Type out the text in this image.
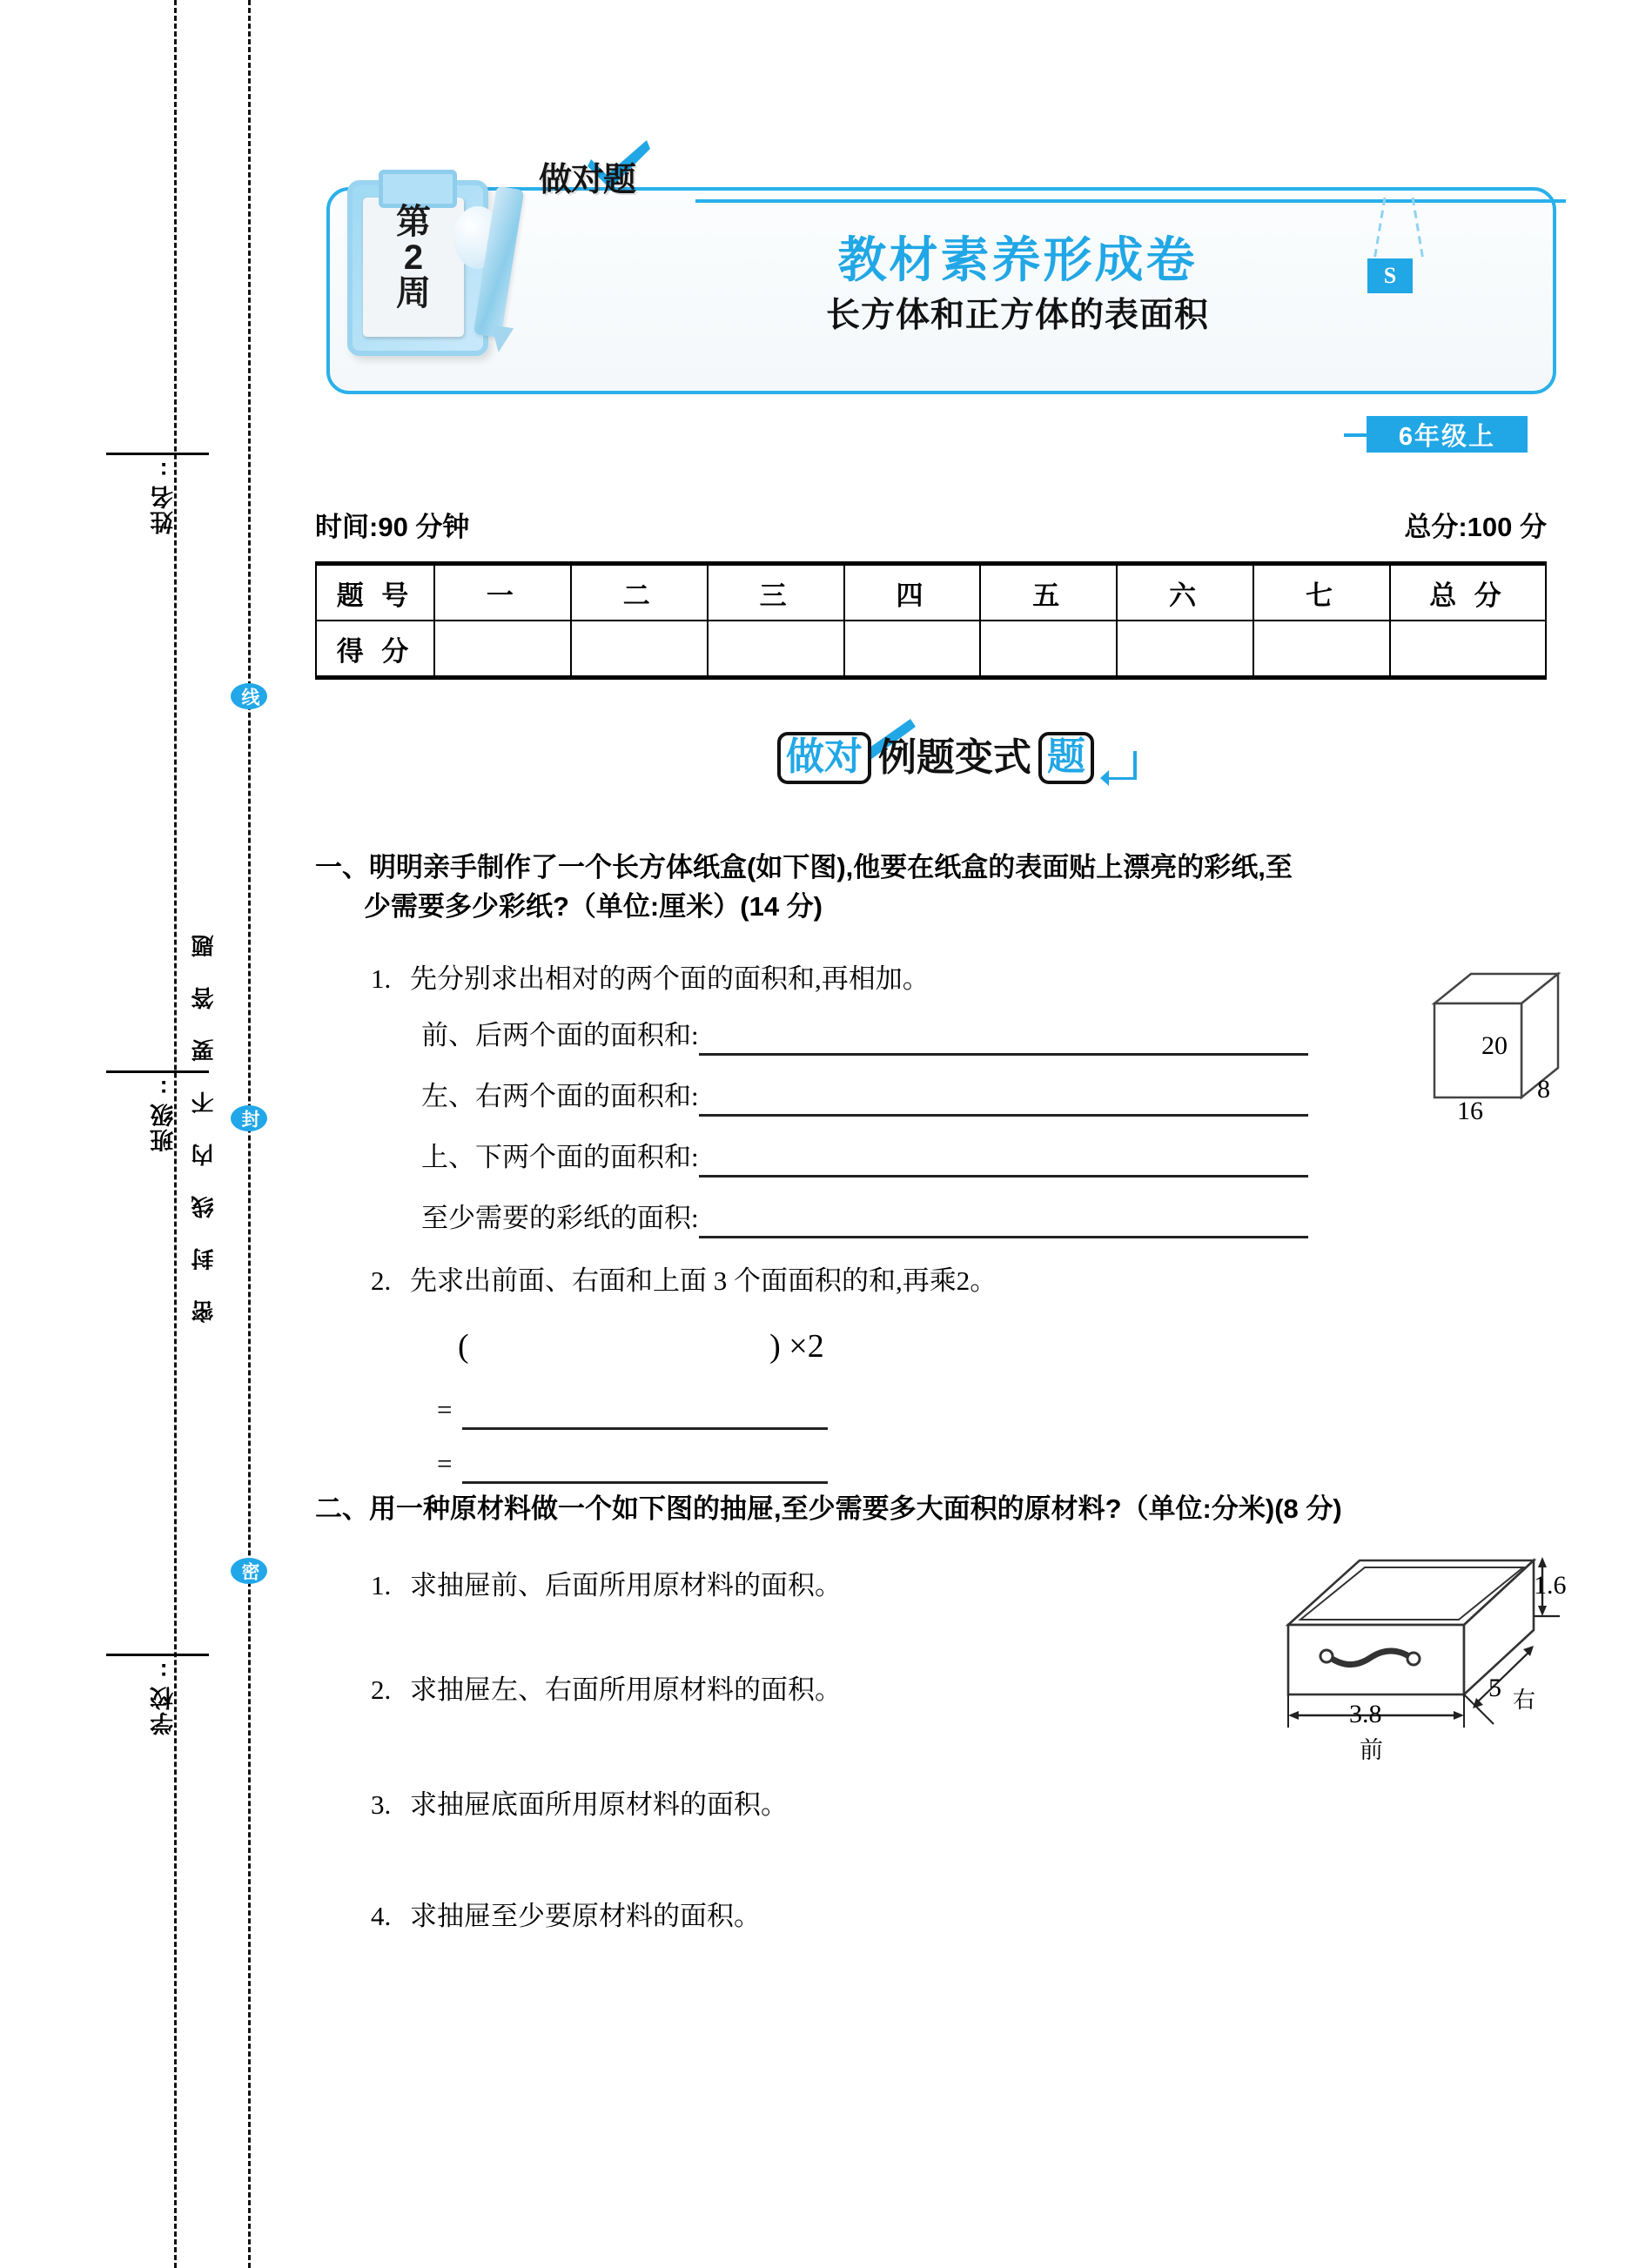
姓名:
班级:
学校:
密封线内不要答题
线
封
密
第
2
周
做对题
教材素养形成卷
长方体和正方体的表面积
S
6年级上
时间:90 分钟	总分:100 分
题 号	一	二	三	四	五	六	七	总 分
得 分								
做对 例题变式 题
一、明明亲手制作了一个长方体纸盒(如下图),他要在纸盒的表面贴上漂亮的彩纸,至
少需要多少彩纸?（单位:厘米）(14 分)
1. 先分别求出相对的两个面的面积和,再相加。
前、后两个面的面积和:
左、右两个面的面积和:
上、下两个面的面积和:
至少需要的彩纸的面积:
20
8
16
2. 先求出前面、右面和上面 3 个面面积的和,再乘2。
(	) ×2
=
=
二、用一种原材料做一个如下图的抽屉,至少需要多大面积的原材料?（单位:分米)(8 分)
1. 求抽屉前、后面所用原材料的面积。
2. 求抽屉左、右面所用原材料的面积。
3. 求抽屉底面所用原材料的面积。
4. 求抽屉至少要原材料的面积。
1.6
5 右
3.8
前
